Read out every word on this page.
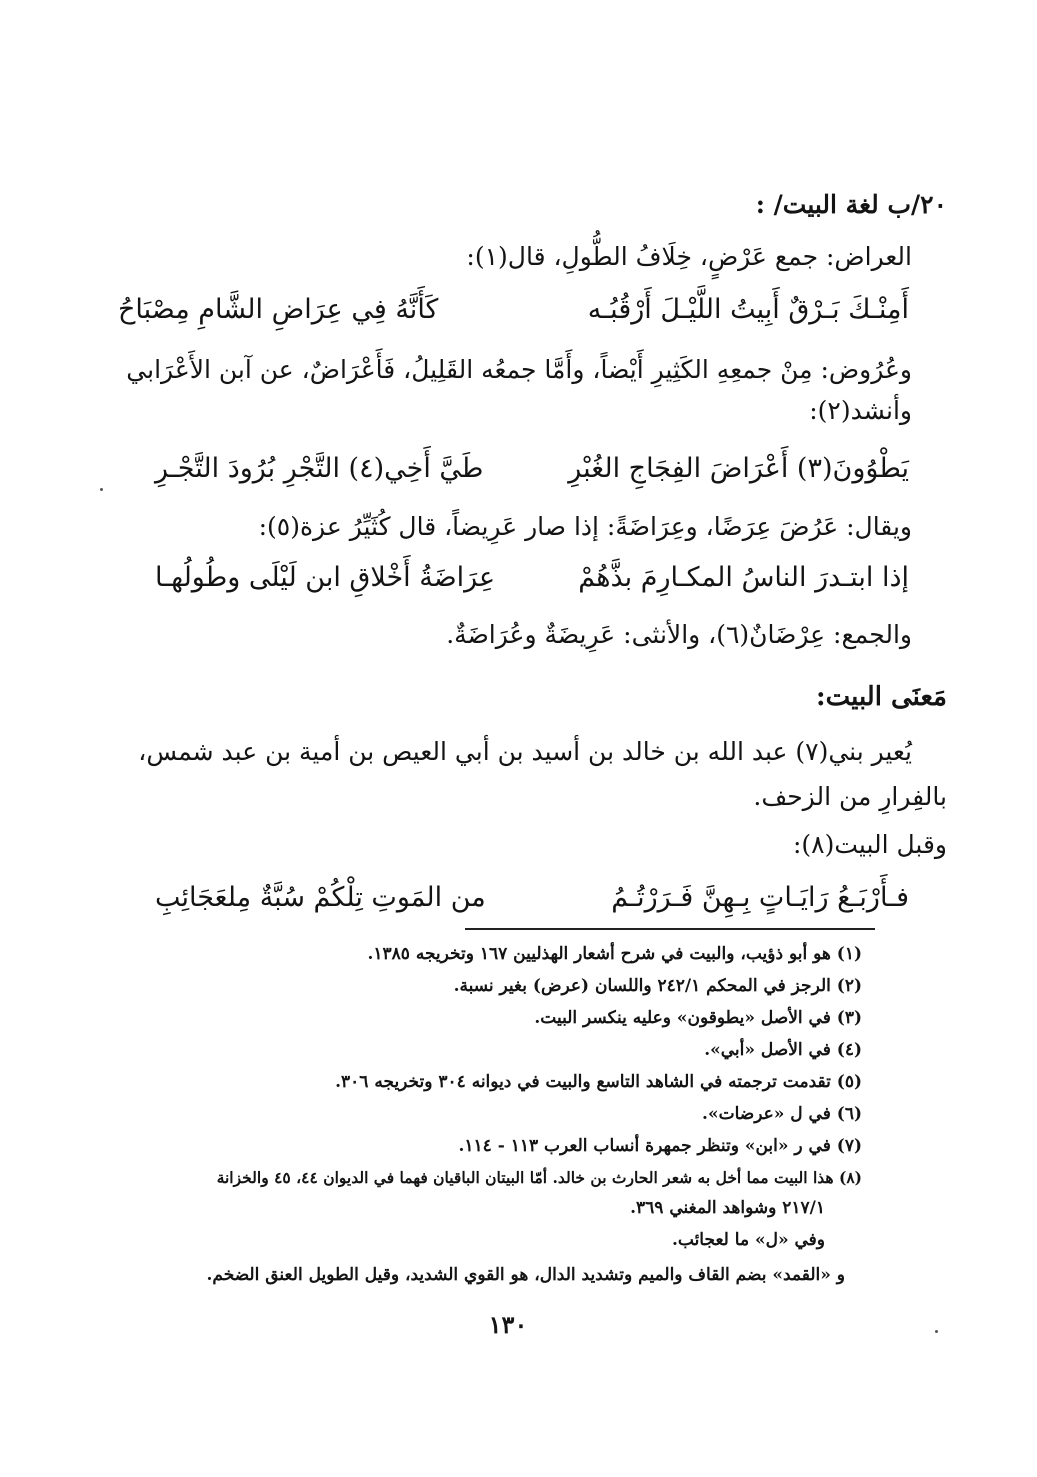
٢٠/ب لغة البيت/ :
العراض: جمع عَرْضٍ، خِلَافُ الطُّولِ، قال(١):
أَمِنْـكَ بَـرْقٌ أَبِيتُ اللَّيْـلَ أَرْقُبُـه
كَأَنَّهُ فِي عِرَاضِ الشَّامِ مِصْبَاحُ
وعُرُوض: مِنْ جمعِهِ الكَثِيرِ أَيْضاً، وأَمَّا جمعُه القَلِيلُ، فَأَعْرَاضٌ، عن آبن الأَعْرَابي
وأنشد(٢):
يَطْوُونَ(٣) أَعْرَاضَ الفِجَاجِ الغُبْرِ
طَيَّ أَخِي(٤) التَّجْرِ بُرُودَ التَّجْـرِ
ويقال: عَرُضَ عِرَضًا، وعِرَاضَةً: إذا صار عَرِيضاً، قال كُثَيِّرُ عزة(٥):
إذا ابتـدرَ الناسُ المكـارِمَ بذَّهُمْ
عِرَاضَةُ أَخْلاقِ ابن لَيْلَى وطُولُهـا
والجمع: عِرْضَانٌ(٦)، والأنثى: عَرِيضَةٌ وعُرَاضَةٌ.
مَعنَى البيت:
يُعير بني(٧) عبد الله بن خالد بن أسيد بن أبي العيص بن أمية بن عبد شمس،
بالفِرارِ من الزحف.
وقبل البيت(٨):
فـأَرْبَـعُ رَايَـاتٍ بِـهِنَّ فَـرَرْتُـمُ
من المَوتِ تِلْكُمْ سُبَّةٌ مِلعَجَائِبِ
(١) هو أبو ذؤيب، والبيت في شرح أشعار الهذليين ١٦٧ وتخريجه ١٣٨٥.
(٢) الرجز في المحكم ٢٤٢/١ واللسان (عرض) بغير نسبة.
(٣) في الأصل «يطوقون» وعليه ينكسر البيت.
(٤) في الأصل «أبي».
(٥) تقدمت ترجمته في الشاهد التاسع والبيت في ديوانه ٣٠٤ وتخريجه ٣٠٦.
(٦) في ل «عرضات».
(٧) في ر «ابن» وتنظر جمهرة أنساب العرب ١١٣ - ١١٤.
(٨) هذا البيت مما أخل به شعر الحارث بن خالد. أمّا البيتان الباقيان فهما في الديوان ٤٤، ٤٥ والخزانة
٢١٧/١ وشواهد المغني ٣٦٩.
وفي «ل» ما لعجائب.
و «القمد» بضم القاف والميم وتشديد الدال، هو القوي الشديد، وقيل الطويل العنق الضخم.
١٣٠
